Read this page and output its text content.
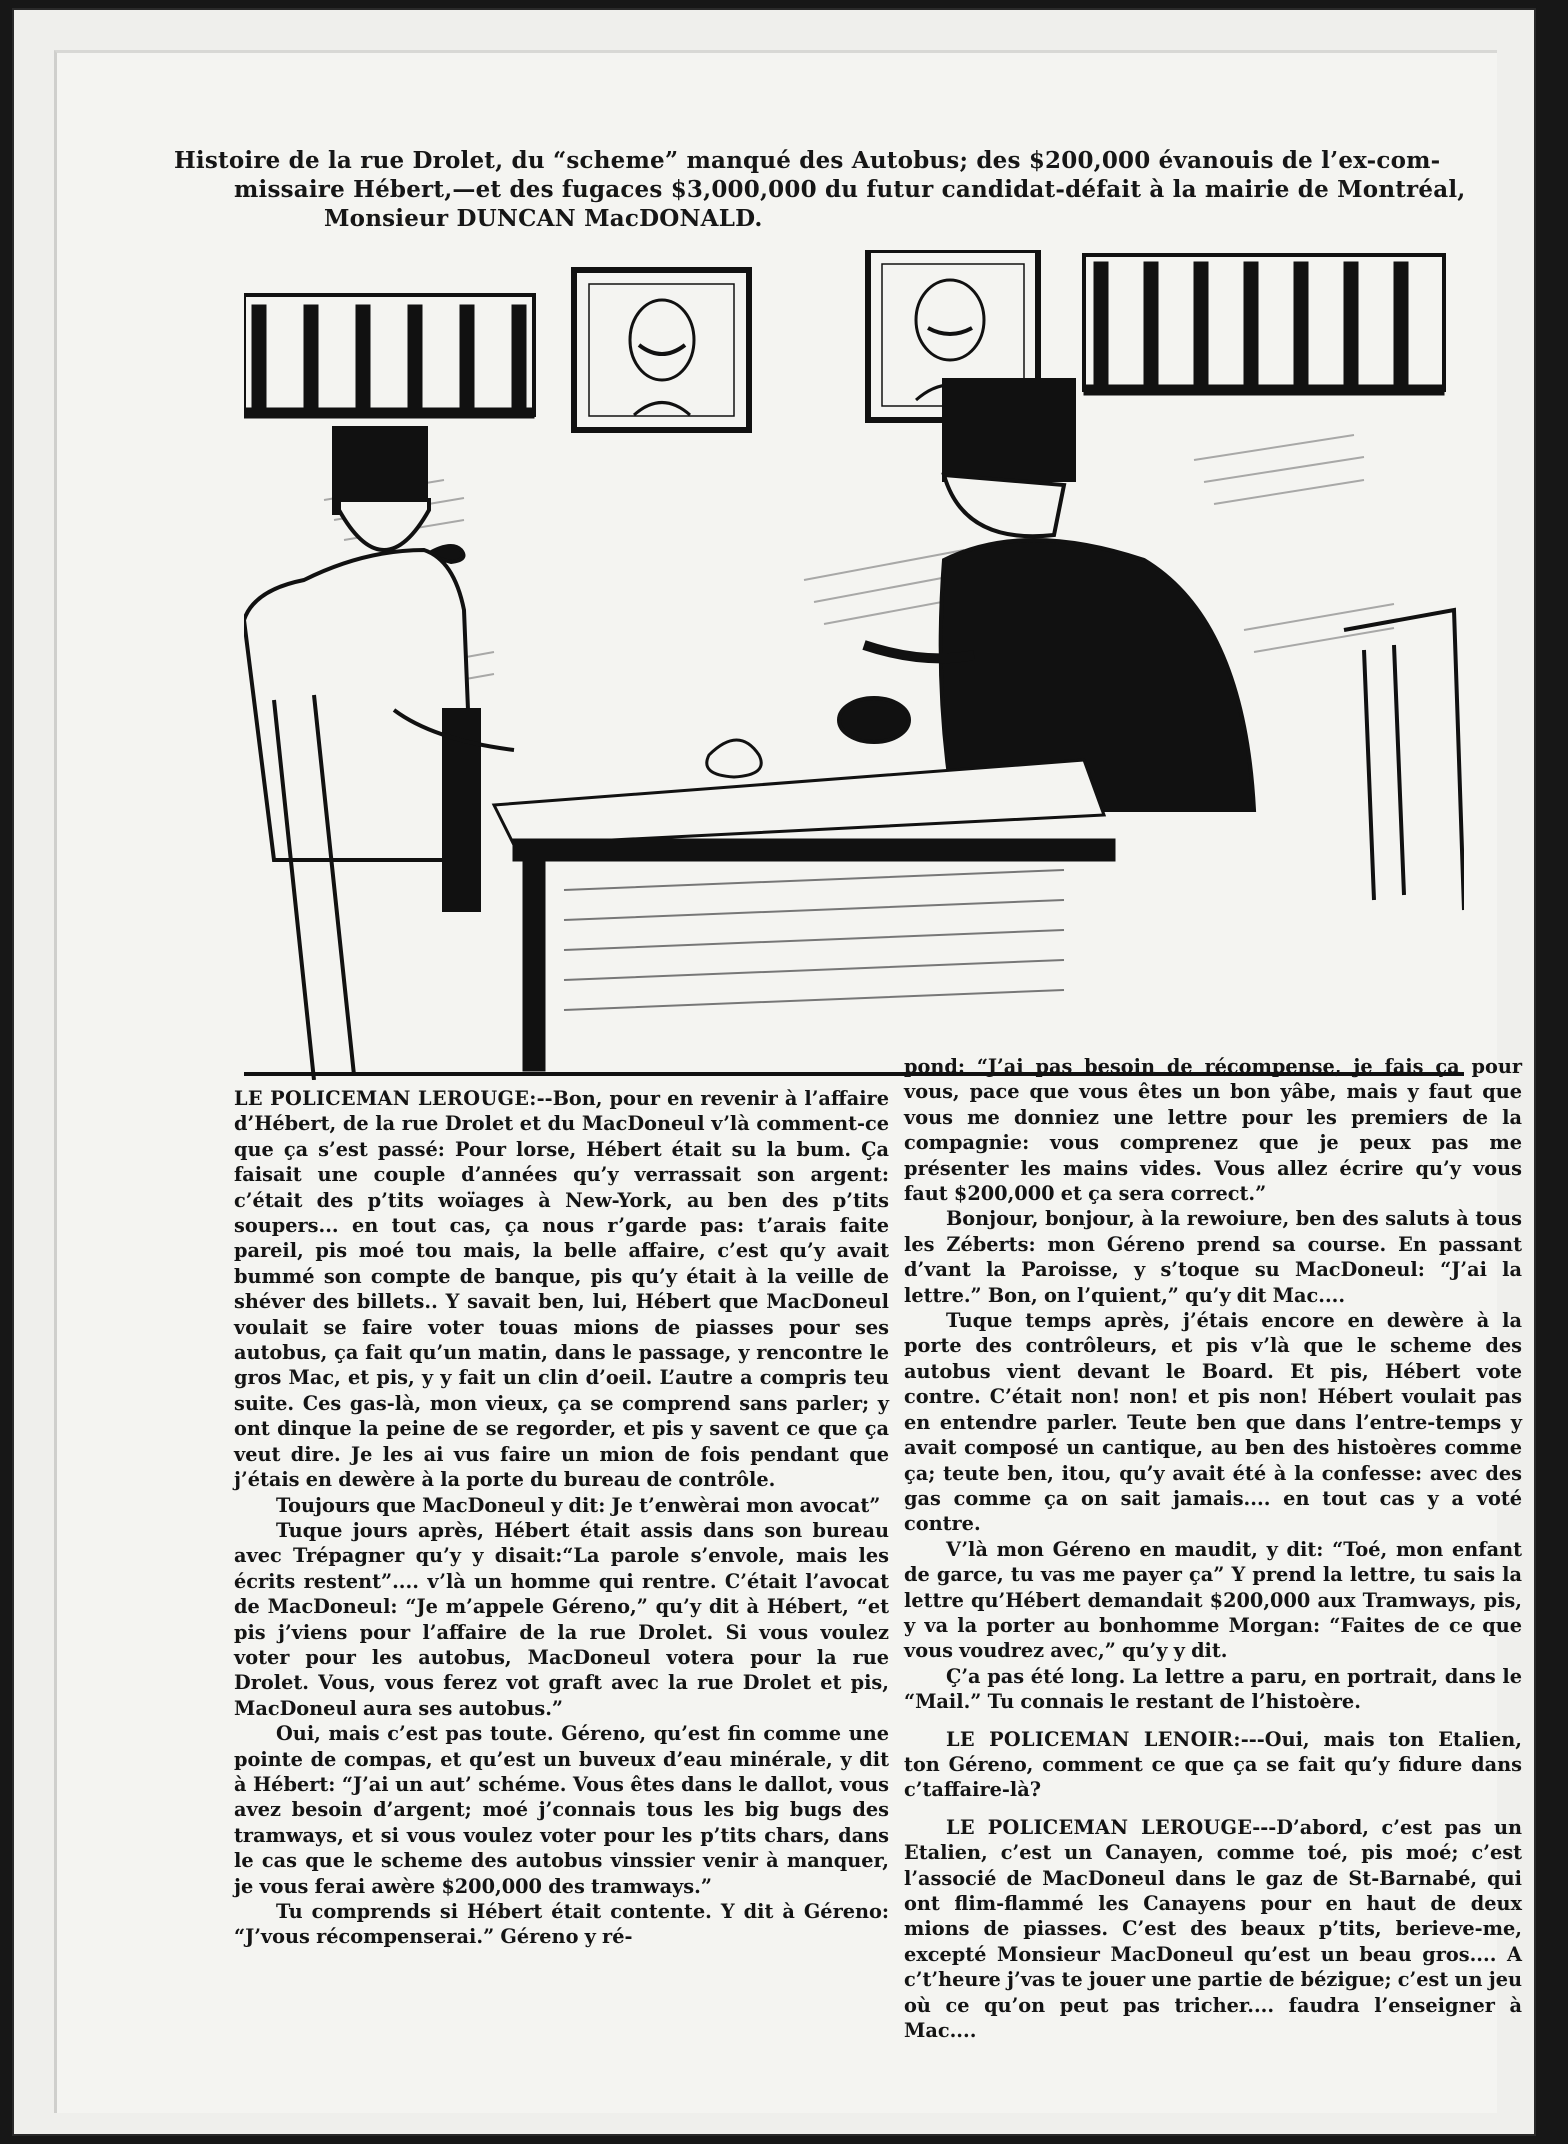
Histoire de la rue Drolet, du “scheme” manqué des Autobus; des $200,000 évanouis de l’ex-com-
missaire Hébert,—et des fugaces $3,000,000 du futur candidat-défait à la mairie de Montréal,
Monsieur DUNCAN MacDONALD.

LE POLICEMAN LEROUGE:--Bon, pour en revenir à l’affaire d’Hébert, de la rue Drolet et du MacDoneul v’là comment-ce que ça s’est passé: Pour lorse, Hébert était su la bum. Ça faisait une couple d’années qu’y verrassait son argent: c’était des p’tits woïages à New-York, au ben des p’tits soupers... en tout cas, ça nous r’garde pas: t’arais faite pareil, pis moé tou mais, la belle affaire, c’est qu’y avait bummé son compte de banque, pis qu’y était à la veille de shéver des billets.. Y savait ben, lui, Hébert que MacDoneul voulait se faire voter touas mions de piasses pour ses autobus, ça fait qu’un matin, dans le passage, y rencontre le gros Mac, et pis, y y fait un clin d’oeil. L’autre a compris teu suite. Ces gas-là, mon vieux, ça se comprend sans parler; y ont dinque la peine de se regorder, et pis y savent ce que ça veut dire. Je les ai vus faire un mion de fois pendant que j’étais en dewère à la porte du bureau de contrôle.

Toujours que MacDoneul y dit: Je t’enwèrai mon avocat”

Tuque jours après, Hébert était assis dans son bureau avec Trépagner qu’y y disait:“La parole s’envole, mais les écrits restent”.... v’là un homme qui rentre. C’était l’avocat de MacDoneul: “Je m’appele Géreno,” qu’y dit à Hébert, “et pis j’viens pour l’affaire de la rue Drolet. Si vous voulez voter pour les autobus, MacDoneul votera pour la rue Drolet. Vous, vous ferez vot graft avec la rue Drolet et pis, MacDoneul aura ses autobus.”

Oui, mais c’est pas toute. Géreno, qu’est fin comme une pointe de compas, et qu’est un buveux d’eau minérale, y dit à Hébert: “J’ai un aut’ schéme. Vous êtes dans le dallot, vous avez besoin d’argent; moé j’connais tous les big bugs des tramways, et si vous voulez voter pour les p’tits chars, dans le cas que le scheme des autobus vinssier venir à manquer, je vous ferai awère $200,000 des tramways.”

Tu comprends si Hébert était contente. Y dit à Géreno: “J’vous récompenserai.” Géreno y ré-

pond: “J’ai pas besoin de récompense, je fais ça pour vous, pace que vous êtes un bon yâbe, mais y faut que vous me donniez une lettre pour les premiers de la compagnie: vous comprenez que je peux pas me présenter les mains vides. Vous allez écrire qu’y vous faut $200,000 et ça sera correct.”

Bonjour, bonjour, à la rewoiure, ben des saluts à tous les Zéberts: mon Géreno prend sa course. En passant d’vant la Paroisse, y s’toque su MacDoneul: “J’ai la lettre.” Bon, on l’quient,” qu’y dit Mac....

Tuque temps après, j’étais encore en dewère à la porte des contrôleurs, et pis v’là que le scheme des autobus vient devant le Board. Et pis, Hébert vote contre. C’était non! non! et pis non! Hébert voulait pas en entendre parler. Teute ben que dans l’entre-temps y avait composé un cantique, au ben des histoères comme ça; teute ben, itou, qu’y avait été à la confesse: avec des gas comme ça on sait jamais.... en tout cas y a voté contre.

V’là mon Géreno en maudit, y dit: “Toé, mon enfant de garce, tu vas me payer ça” Y prend la lettre, tu sais la lettre qu’Hébert demandait $200,000 aux Tramways, pis, y va la porter au bonhomme Morgan: “Faites de ce que vous voudrez avec,” qu’y y dit.

Ç’a pas été long. La lettre a paru, en portrait, dans le “Mail.” Tu connais le restant de l’histoère.

LE POLICEMAN LENOIR:---Oui, mais ton Etalien, ton Géreno, comment ce que ça se fait qu’y fidure dans c’taffaire-là?

LE POLICEMAN LEROUGE---D’abord, c’est pas un Etalien, c’est un Canayen, comme toé, pis moé; c’est l’associé de MacDoneul dans le gaz de St-Barnabé, qui ont flim-flammé les Canayens pour en haut de deux mions de piasses. C’est des beaux p’tits, berieve-me, excepté Monsieur MacDoneul qu’est un beau gros.... A c’t’heure j’vas te jouer une partie de bézigue; c’est un jeu où ce qu’on peut pas tricher.... faudra l’enseigner à Mac....
